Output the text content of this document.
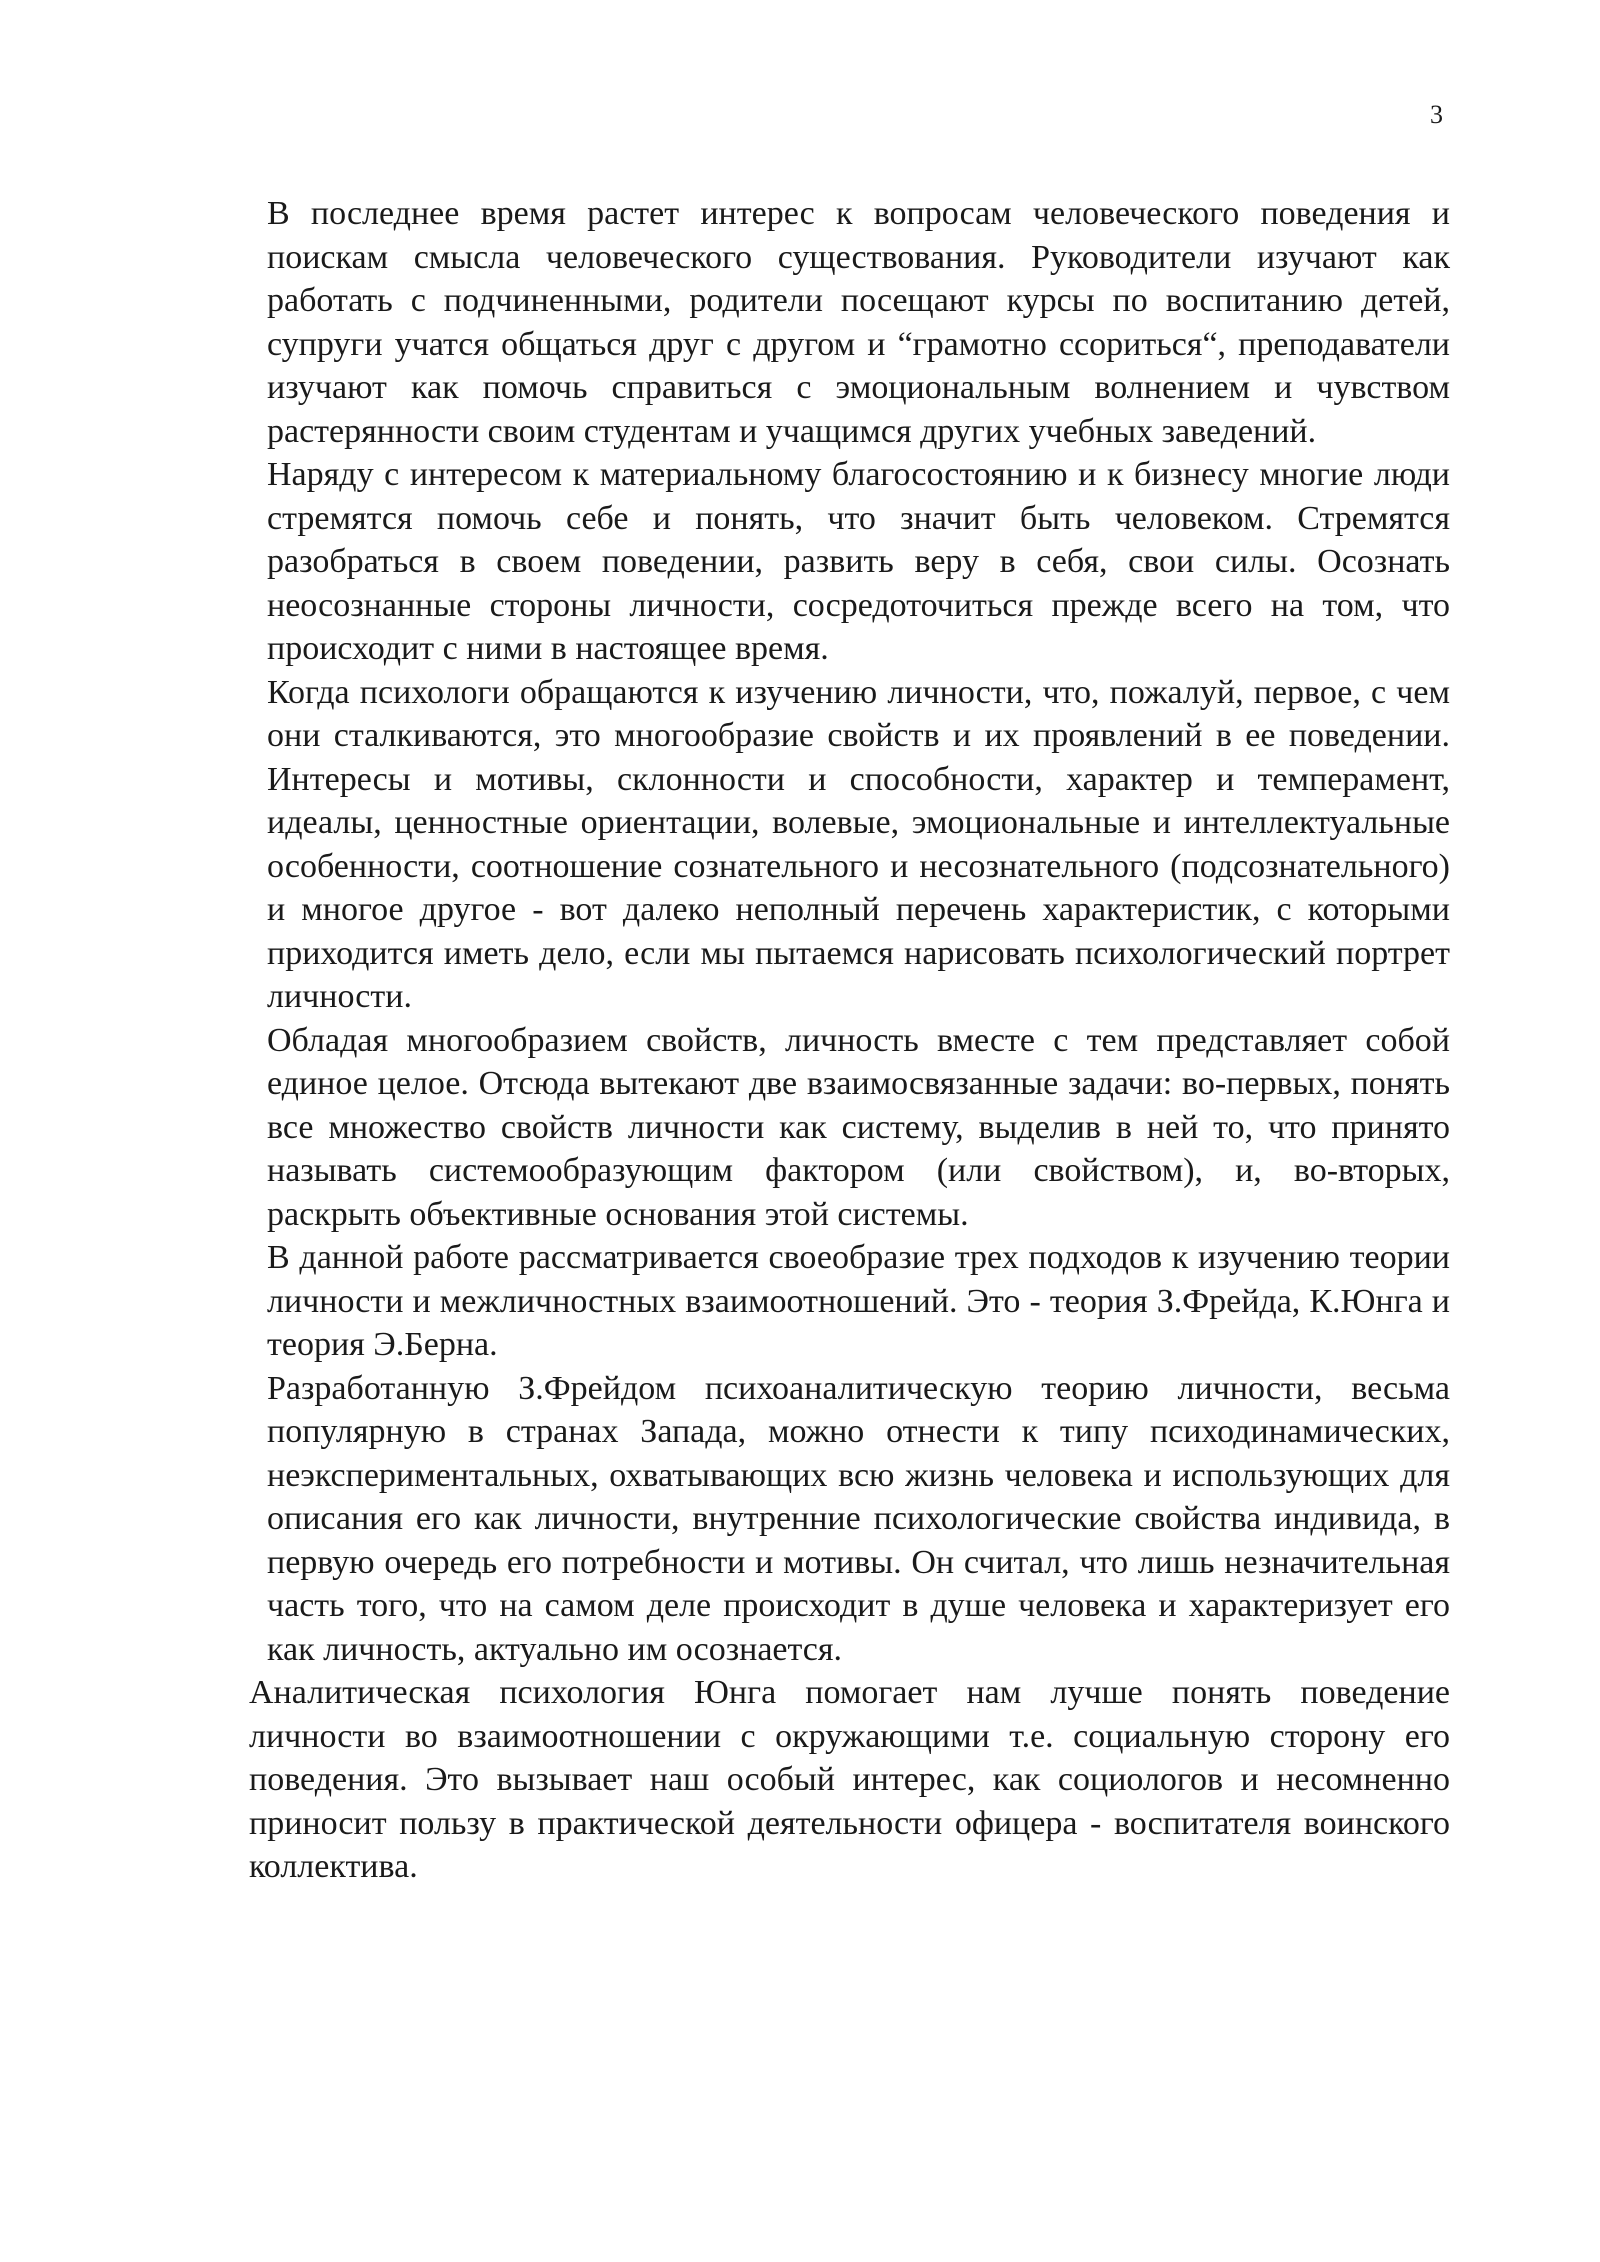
3

В последнее время растет интерес к вопросам человеческого поведения и поискам смысла человеческого существования. Руководители изучают как работать с подчиненными, родители посещают курсы по воспитанию детей, супруги учатся общаться друг с другом и “грамотно ссориться“, преподаватели изучают как помочь справиться с эмоциональным волнением и чувством растерянности своим студентам и учащимся других учебных заведений.

Наряду с интересом к материальному благосостоянию и к бизнесу многие люди стремятся помочь себе и понять, что значит быть человеком. Стремятся разобраться в своем поведении, развить веру в себя, свои силы. Осознать неосознанные стороны личности, сосредоточиться прежде всего на том, что происходит с ними в настоящее время.

Когда психологи обращаются к изучению личности, что, пожалуй, первое, с чем они сталкиваются, это многообразие свойств и их проявлений в ее поведении. Интересы и мотивы, склонности и способности, характер и темперамент, идеалы, ценностные ориентации, волевые, эмоциональные и интеллектуальные особенности, соотношение сознательного и несознательного (подсознательного) и многое другое - вот далеко неполный перечень характеристик, с которыми приходится иметь дело, если мы пытаемся нарисовать психологический портрет личности.

Обладая многообразием свойств, личность вместе с тем представляет собой единое целое. Отсюда вытекают две взаимосвязанные задачи: во-первых, понять все множество свойств личности как систему, выделив в ней то, что принято называть системообразующим фактором (или свойством), и, во-вторых, раскрыть объективные основания этой системы.

В данной работе рассматривается своеобразие трех подходов к изучению теории личности и межличностных взаимоотношений. Это - теория З.Фрейда, К.Юнга и теория Э.Берна.

Разработанную З.Фрейдом психоаналитическую теорию личности, весьма популярную в странах Запада, можно отнести к типу психодинамических, неэкспериментальных, охватывающих всю жизнь человека и использующих для описания его как личности, внутренние психологические свойства индивида, в первую очередь его потребности и мотивы. Он считал, что лишь незначительная часть того, что на самом деле происходит в душе человека и характеризует его как личность, актуально им осознается.

Аналитическая психология Юнга помогает нам лучше понять поведение личности во взаимоотношении с окружающими т.е. социальную сторону его поведения. Это вызывает наш особый интерес, как социологов и несомненно приносит пользу в практической деятельности офицера - воспитателя воинского коллектива.
